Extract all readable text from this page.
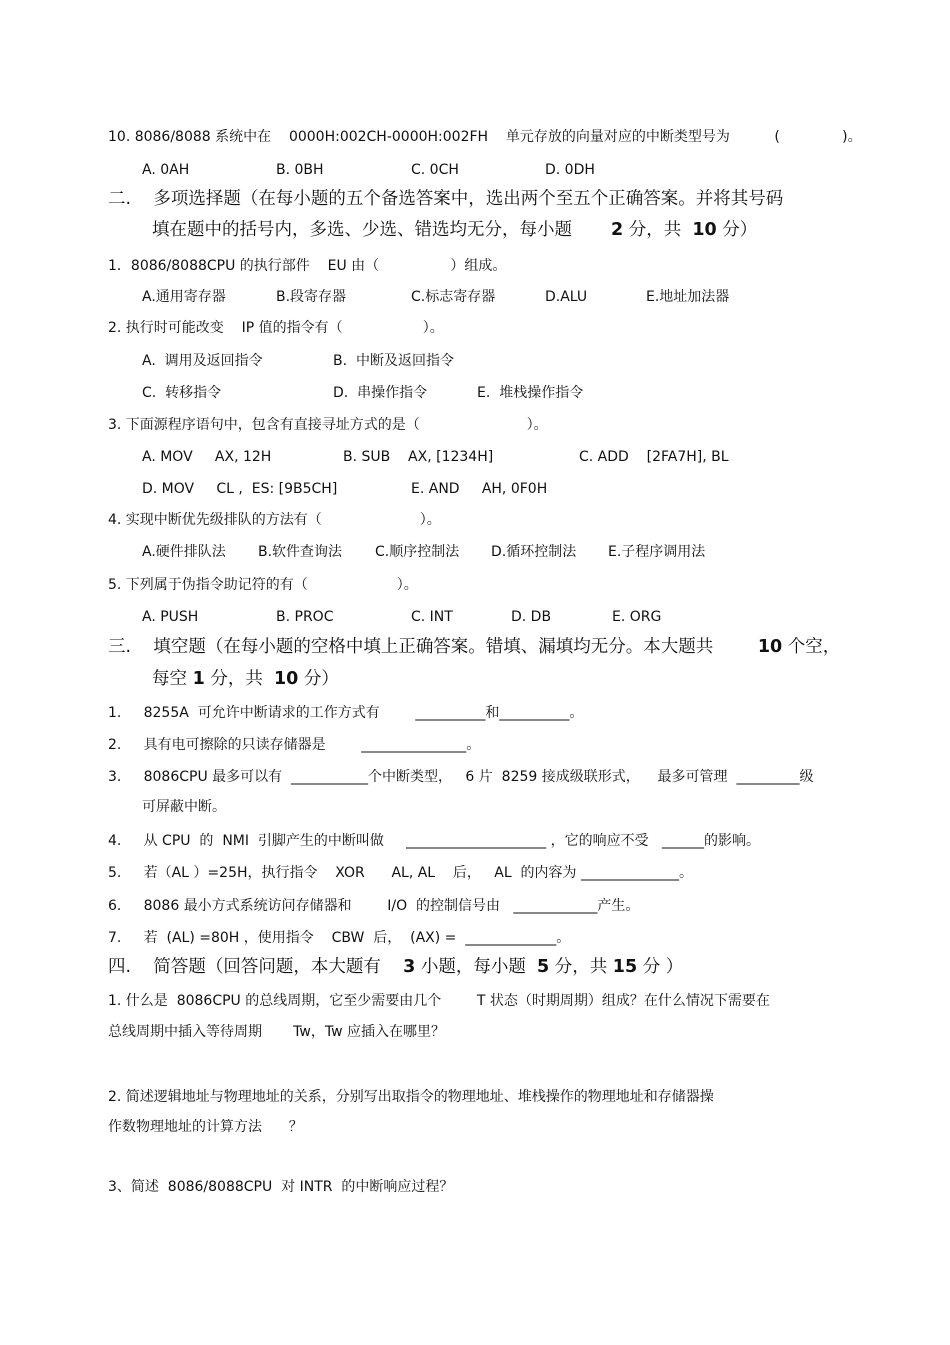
10. 8086/8088 系统中在    0000H:002CH-0000H:002FH    单元存放的向量对应的中断类型号为          (              )。
A. 0AH	B. 0BH	C. 0CH	D. 0DH
二.    多项选择题（在每小题的五个备选答案中，选出两个至五个正确答案。并将其号码
填在题中的括号内，多选、少选、错选均无分，每小题       2 分，共  10 分）
1．8086/8088CPU 的执行部件    EU 由（                ）组成。
A.通用寄存器	B.段寄存器	C.标志寄存器	D.ALU	E.地址加法器
2. 执行时可能改变    IP 值的指令有（                  ）。
A.  调用及返回指令	B.  中断及返回指令
C.  转移指令	D.  串操作指令	E.  堆栈操作指令
3. 下面源程序语句中，包含有直接寻址方式的是（                        ）。
A. MOV     AX, 12H	B. SUB    AX, [1234H]	C. ADD    [2FA7H], BL
D. MOV     CL ,  ES: [9B5CH]	E. AND     AH, 0F0H
4. 实现中断优先级排队的方法有（                      ）。
A.硬件排队法 B.软件查询法 C.顺序控制法 D.循环控制法 E.子程序调用法
5. 下列属于伪指令助记符的有（                    ）。
A. PUSH	B. PROC	C. INT	D. DB	E. ORG
三.    填空题（在每小题的空格中填上正确答案。错填、漏填均无分。本大题共        10 个空，
每空 1 分，共  10 分）
1.     8255A  可允许中断请求的工作方式有        __________和__________。
2.     具有电可擦除的只读存储器是        _______________。
3.     8086CPU 最多可以有  ___________个中断类型，   6 片  8259 接成级联形式，    最多可管理  _________级
可屏蔽中断。
4.     从 CPU  的  NMI  引脚产生的中断叫做     ____________________ ，它的响应不受   ______的影响。
5.     若（AL ）=25H，执行指令    XOR      AL, AL    后，   AL  的内容为 ______________。
6.     8086 最小方式系统访问存储器和        I/O  的控制信号由   ____________产生。
7.     若  (AL) =80H ，使用指令    CBW  后，  (AX) =  _____________。
四.    简答题（回答问题，本大题有    3 小题，每小题  5 分，共 15 分 ）
1. 什么是  8086CPU 的总线周期，它至少需要由几个        T 状态（时期周期）组成？在什么情况下需要在
总线周期中插入等待周期       Tw，Tw 应插入在哪里？
2. 简述逻辑地址与物理地址的关系，分别写出取指令的物理地址、堆栈操作的物理地址和存储器操
作数物理地址的计算方法      ？
3、简述  8086/8088CPU  对 INTR  的中断响应过程？
